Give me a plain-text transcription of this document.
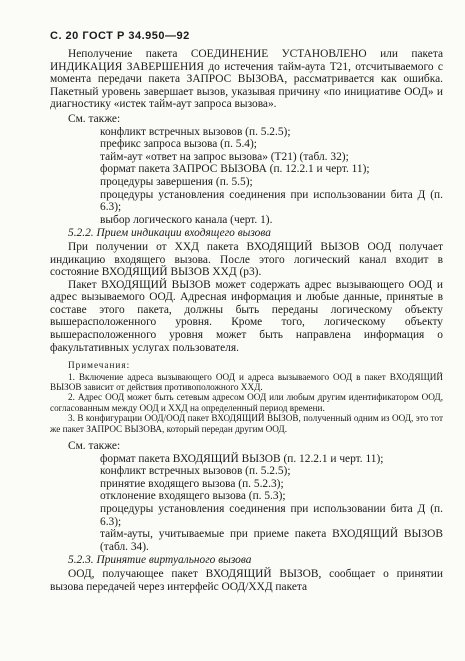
С. 20 ГОСТ Р 34.950—92

Неполучение пакета СОЕДИНЕНИЕ УСТАНОВЛЕНО или пакета ИНДИКАЦИЯ ЗАВЕРШЕНИЯ до истечения тайм-аута Т21, отсчитываемого с момента передачи пакета ЗАПРОС ВЫЗОВА, рассматривается как ошибка. Пакетный уровень завершает вызов, указывая причину «по инициативе ООД» и диагностику «истек тайм-аут запроса вызова».

См. также:
конфликт встречных вызовов (п. 5.2.5);
префикс запроса вызова (п. 5.4);
тайм-аут «ответ на запрос вызова» (Т21) (табл. 32);
формат пакета ЗАПРОС ВЫЗОВА (п. 12.2.1 и черт. 11);
процедуры завершения (п. 5.5);
процедуры установления соединения при использовании бита Д (п. 6.3);
выбор логического канала (черт. 1).
5.2.2. Прием индикации входящего вызова

При получении от ХХД пакета ВХОДЯЩИЙ ВЫЗОВ ООД получает индикацию входящего вызова. После этого логический канал входит в состояние ВХОДЯЩИЙ ВЫЗОВ ХХД (р3).

Пакет ВХОДЯЩИЙ ВЫЗОВ может содержать адрес вызывающего ООД и адрес вызываемого ООД. Адресная информация и любые данные, принятые в составе этого пакета, должны быть переданы логическому объекту вышерасположенного уровня. Кроме того, логическому объекту вышерасположенного уровня может быть направлена информация о факультативных услугах пользователя.

Примечания:

1. Включение адреса вызывающего ООД и адреса вызываемого ООД в пакет ВХОДЯЩИЙ ВЫЗОВ зависит от действия противоположного ХХД.

2. Адрес ООД может быть сетевым адресом ООД или любым другим идентификатором ООД, согласованным между ООД и ХХД на определенный период времени.

3. В конфигурации ООД/ООД пакет ВХОДЯЩИЙ ВЫЗОВ, полученный одним из ООД, это тот же пакет ЗАПРОС ВЫЗОВА, который передан другим ООД.

См. также:
формат пакета ВХОДЯЩИЙ ВЫЗОВ (п. 12.2.1 и черт. 11);
конфликт встречных вызовов (п. 5.2.5);
принятие входящего вызова (п. 5.2.3);
отклонение входящего вызова (п. 5.3);
процедуры установления соединения при использовании бита Д (п. 6.3);
тайм-ауты, учитываемые при приеме пакета ВХОДЯЩИЙ ВЫЗОВ (табл. 34).
5.2.3. Принятие виртуального вызова

ООД, получающее пакет ВХОДЯЩИЙ ВЫЗОВ, сообщает о принятии вызова передачей через интерфейс ООД/ХХД пакета
